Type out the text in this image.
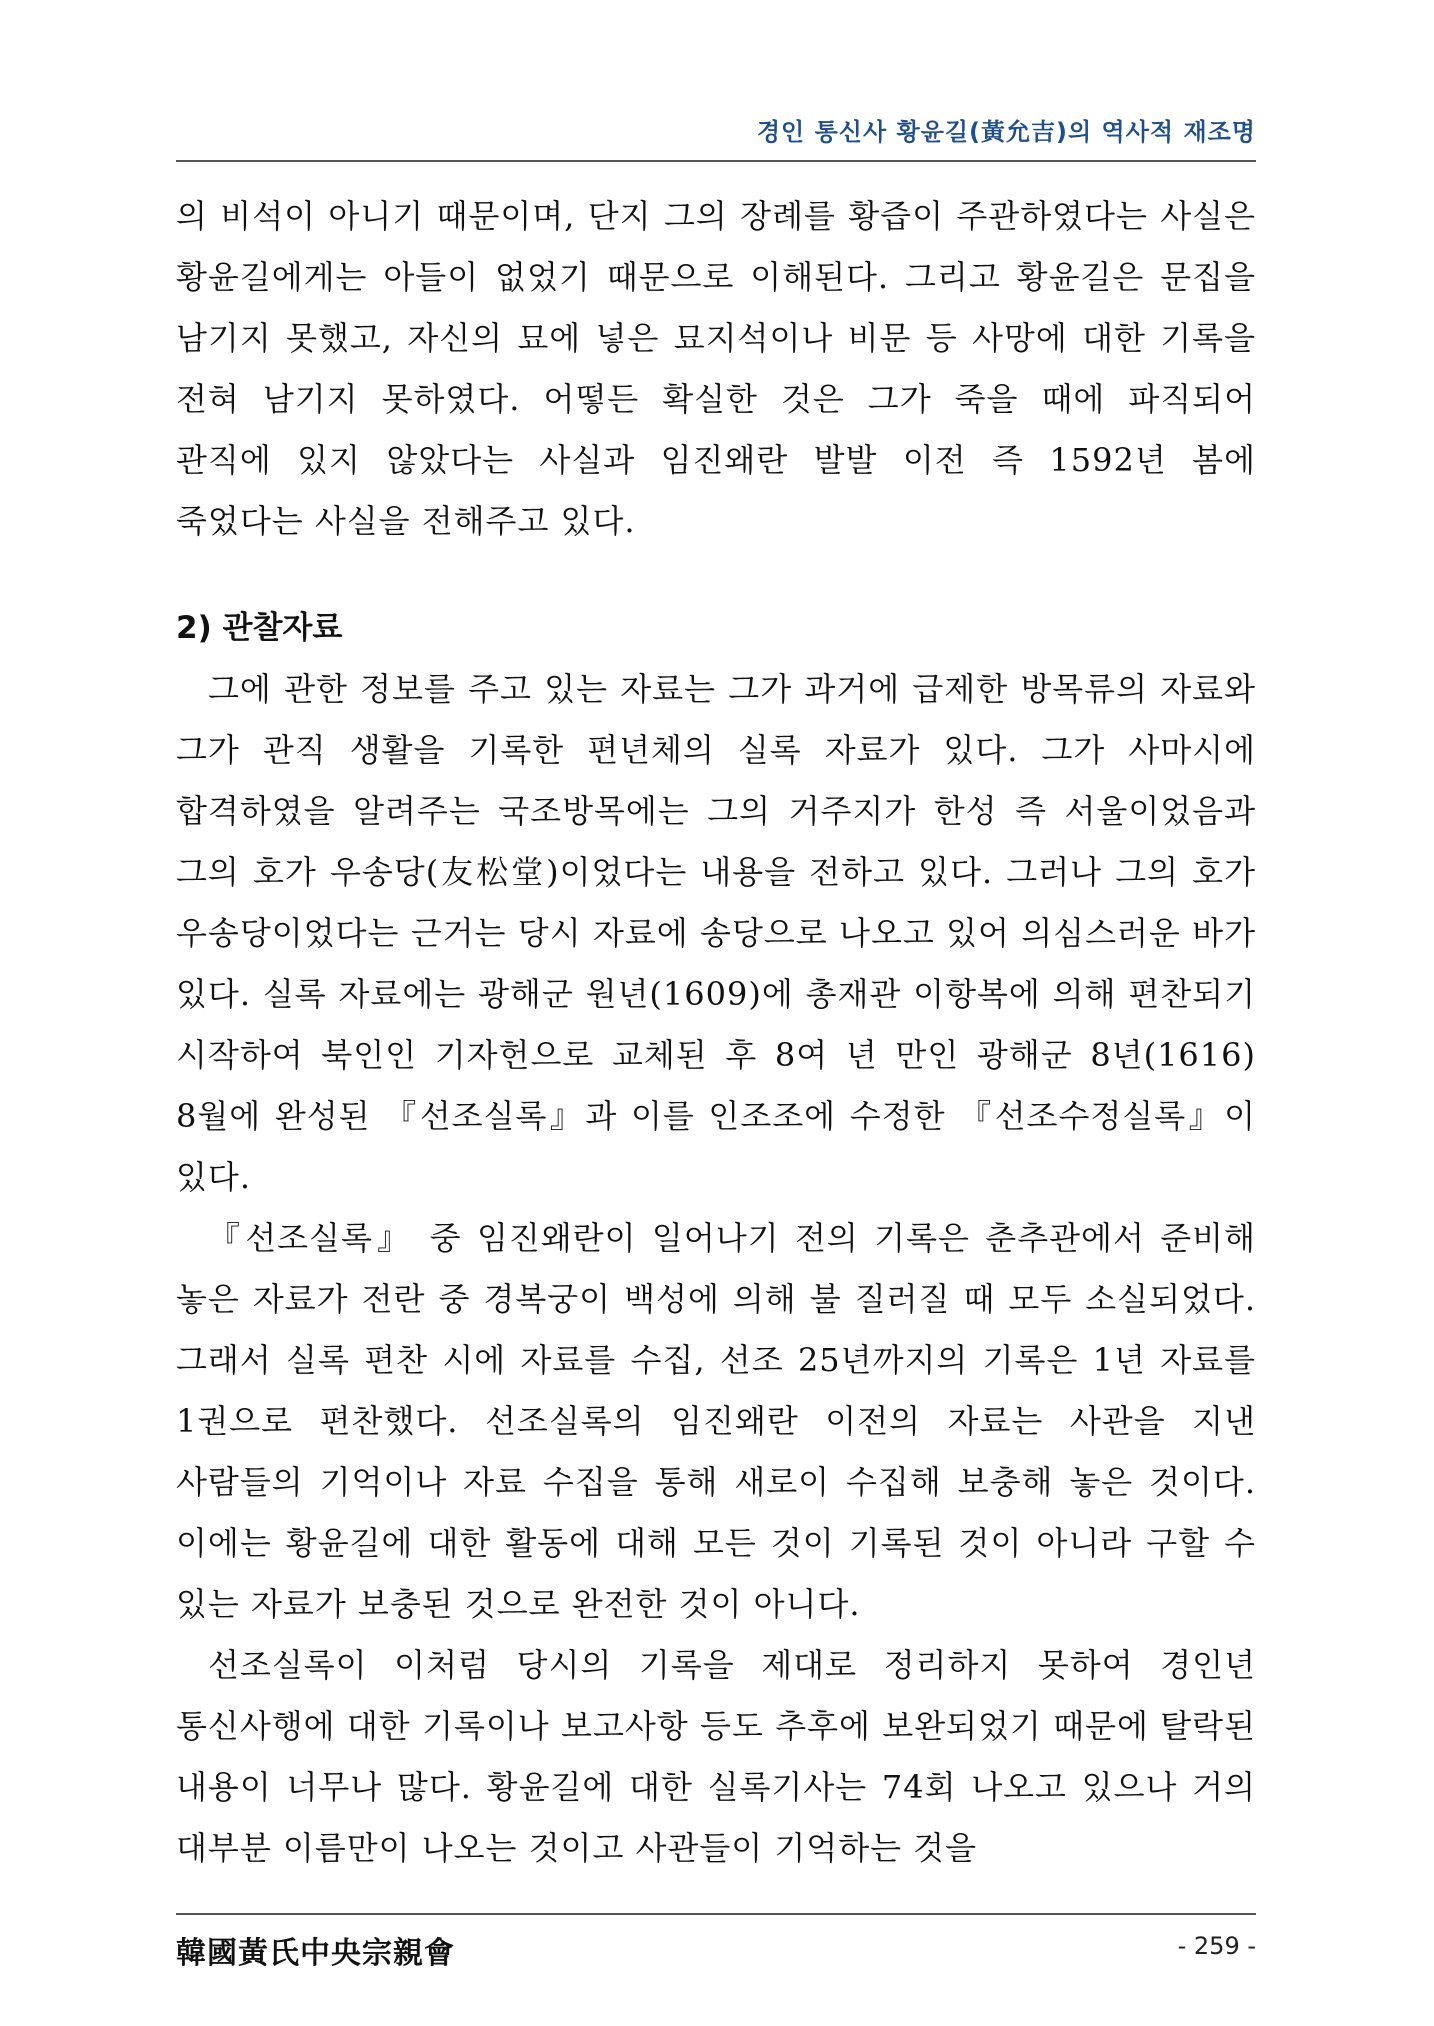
경인 통신사 황윤길(黃允吉)의 역사적 재조명

의 비석이 아니기 때문이며, 단지 그의 장례를 황즙이 주관하였다는 사실은 황윤길에게는 아들이 없었기 때문으로 이해된다. 그리고 황윤길은 문집을 남기지 못했고, 자신의 묘에 넣은 묘지석이나 비문 등 사망에 대한 기록을 전혀 남기지 못하였다. 어떻든 확실한 것은 그가 죽을 때에 파직되어 관직에 있지 않았다는 사실과 임진왜란 발발 이전 즉 1592년 봄에 죽었다는 사실을 전해주고 있다.

2) 관찰자료

그에 관한 정보를 주고 있는 자료는 그가 과거에 급제한 방목류의 자료와 그가 관직 생활을 기록한 편년체의 실록 자료가 있다. 그가 사마시에 합격하였을 알려주는 국조방목에는 그의 거주지가 한성 즉 서울이었음과 그의 호가 우송당(友松堂)이었다는 내용을 전하고 있다. 그러나 그의 호가 우송당이었다는 근거는 당시 자료에 송당으로 나오고 있어 의심스러운 바가 있다. 실록 자료에는 광해군 원년(1609)에 총재관 이항복에 의해 편찬되기 시작하여 북인인 기자헌으로 교체된 후 8여 년 만인 광해군 8년(1616) 8월에 완성된 『선조실록』과 이를 인조조에 수정한 『선조수정실록』이 있다.

『선조실록』 중 임진왜란이 일어나기 전의 기록은 춘추관에서 준비해 놓은 자료가 전란 중 경복궁이 백성에 의해 불 질러질 때 모두 소실되었다. 그래서 실록 편찬 시에 자료를 수집, 선조 25년까지의 기록은 1년 자료를 1권으로 편찬했다. 선조실록의 임진왜란 이전의 자료는 사관을 지낸 사람들의 기억이나 자료 수집을 통해 새로이 수집해 보충해 놓은 것이다. 이에는 황윤길에 대한 활동에 대해 모든 것이 기록된 것이 아니라 구할 수 있는 자료가 보충된 것으로 완전한 것이 아니다.

선조실록이 이처럼 당시의 기록을 제대로 정리하지 못하여 경인년 통신사행에 대한 기록이나 보고사항 등도 추후에 보완되었기 때문에 탈락된 내용이 너무나 많다. 황윤길에 대한 실록기사는 74회 나오고 있으나 거의 대부분 이름만이 나오는 것이고 사관들이 기억하는 것을

韓國黃氏中央宗親會	- 259 -
